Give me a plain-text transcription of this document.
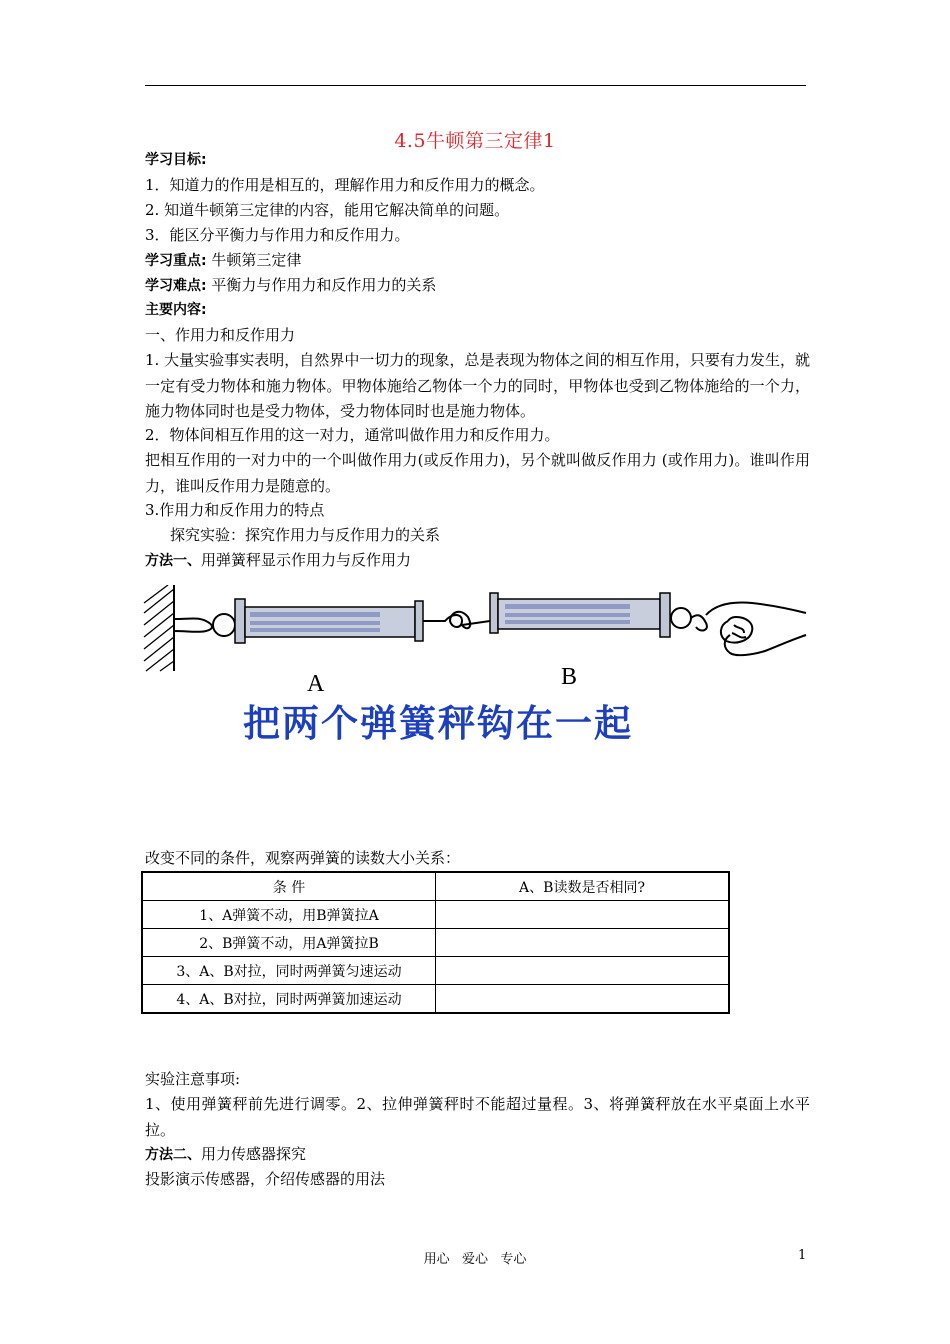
4.5牛顿第三定律1
学习目标:
1．知道力的作用是相互的，理解作用力和反作用力的概念。
2. 知道牛顿第三定律的内容，能用它解决简单的问题。
3．能区分平衡力与作用力和反作用力。
学习重点: 牛顿第三定律
学习难点: 平衡力与作用力和反作用力的关系
主要内容:
一、作用力和反作用力
1. 大量实验事实表明，自然界中一切力的现象，总是表现为物体之间的相互作用，只要有力发生，就一定有受力物体和施力物体。甲物体施给乙物体一个力的同时，甲物体也受到乙物体施给的一个力，施力物体同时也是受力物体，受力物体同时也是施力物体。
2．物体间相互作用的这一对力，通常叫做作用力和反作用力。
把相互作用的一对力中的一个叫做作用力(或反作用力)，另个就叫做反作用力 (或作用力)。谁叫作用力，谁叫反作用力是随意的。
3.作用力和反作用力的特点
探究实验：探究作用力与反作用力的关系
方法一、用弹簧秤显示作用力与反作用力
A	B
把两个弹簧秤钩在一起
改变不同的条件，观察两弹簧的读数大小关系：
条 件	A、B读数是否相同?
1、A弹簧不动，用B弹簧拉A	
2、B弹簧不动，用A弹簧拉B	
3、A、B对拉，同时两弹簧匀速运动	
4、A、B对拉，同时两弹簧加速运动	
实验注意事项:
1、使用弹簧秤前先进行调零。2、拉伸弹簧秤时不能超过量程。3、将弹簧秤放在水平桌面上水平拉。
方法二、用力传感器探究
投影演示传感器，介绍传感器的用法
用心   爱心   专心	1
